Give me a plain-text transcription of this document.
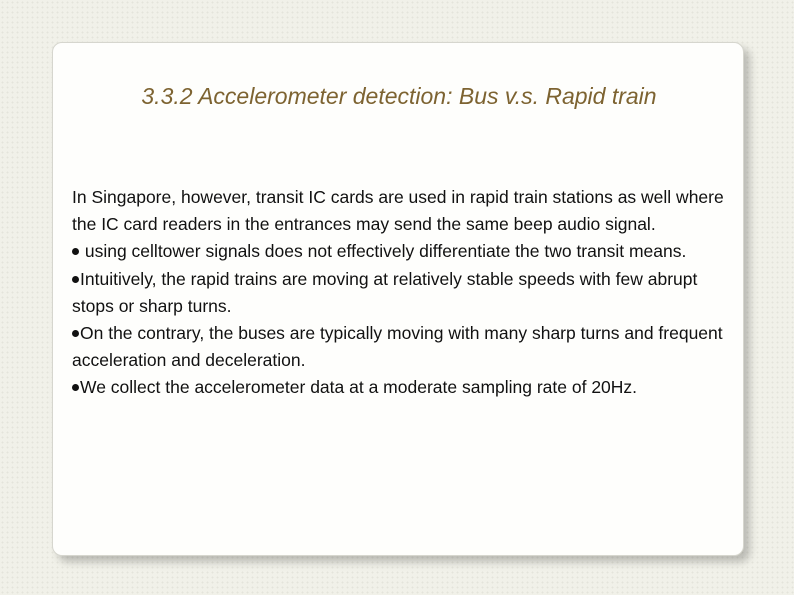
3.3.2 Accelerometer detection: Bus v.s. Rapid train

In Singapore, however, transit IC cards are used in rapid train stations as well where the IC card readers in the entrances may send the same beep audio signal.

using celltower signals does not effectively differentiate the two transit means.

Intuitively, the rapid trains are moving at relatively stable speeds with few abrupt stops or sharp turns.

On the contrary, the buses are typically moving with many sharp turns and frequent acceleration and deceleration.

We collect the accelerometer data at a moderate sampling rate of 20Hz.
